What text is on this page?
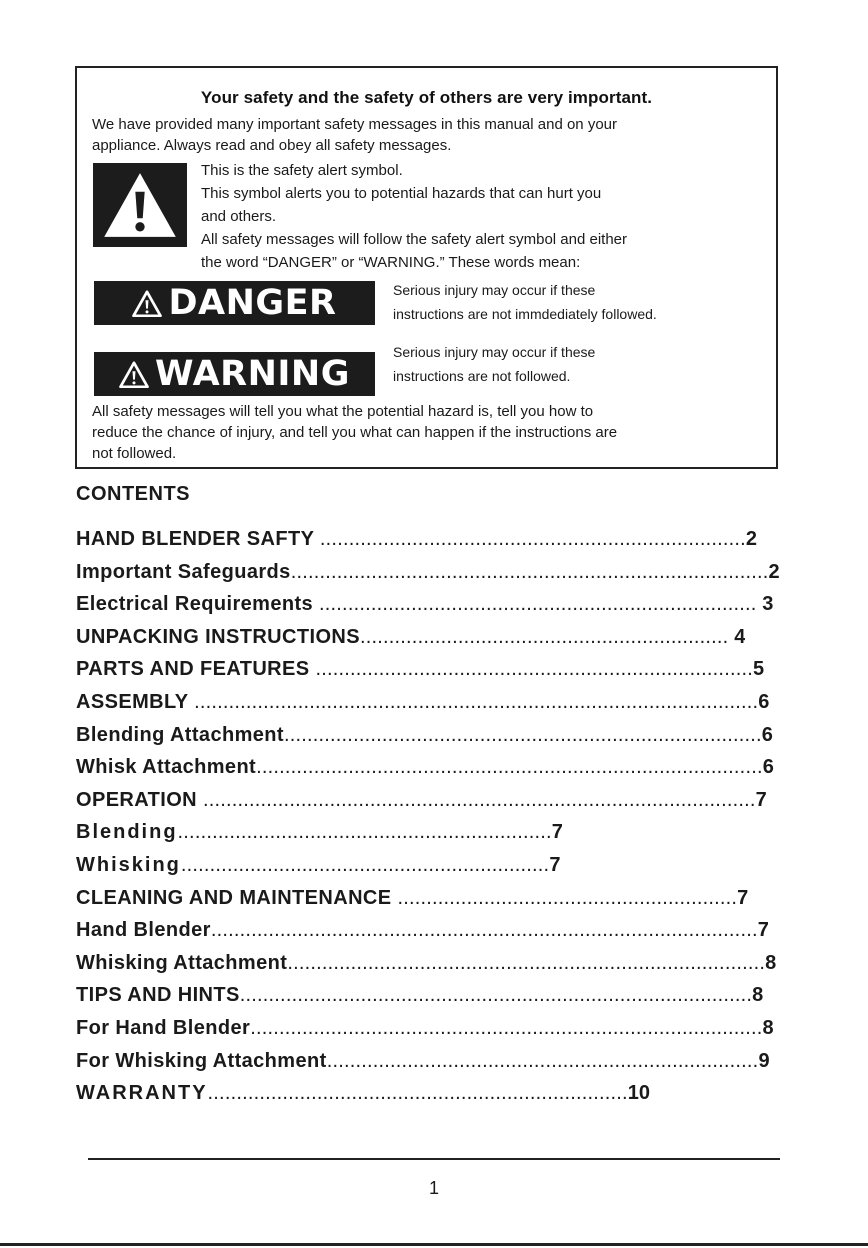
Your safety and the safety of others are very important.
We have provided many important safety messages in this manual and on your
appliance. Always read and obey all safety messages.
This is the safety alert symbol.
This symbol alerts you to potential hazards that can hurt you
and others.
All safety messages will follow the safety alert symbol and either
the word “DANGER” or “WARNING.” These words mean:
DANGER	Serious injury may occur if these
instructions are not immdediately followed.
WARNING
Serious injury may occur if these
instructions are not followed.
All safety messages will tell you what the potential hazard is, tell you how to
reduce the chance of injury, and tell you what can happen if the instructions are
not followed.
CONTENTS
HAND BLENDER SAFTY ..........................................................................2
Important Safeguards...................................................................................2
Electrical Requirements ............................................................................ 3
UNPACKING INSTRUCTIONS................................................................ 4
PARTS AND FEATURES ............................................................................5
ASSEMBLY ..................................................................................................6
Blending Attachment...................................................................................6
Whisk Attachment........................................................................................6
OPERATION ................................................................................................7
Blending.................................................................7
Whisking................................................................7
CLEANING AND MAINTENANCE ...........................................................7
Hand Blender...............................................................................................7
Whisking Attachment...................................................................................8
TIPS AND HINTS.........................................................................................8
For Hand Blender.........................................................................................8
For Whisking Attachment...........................................................................9
WARRANTY.........................................................................10
1
